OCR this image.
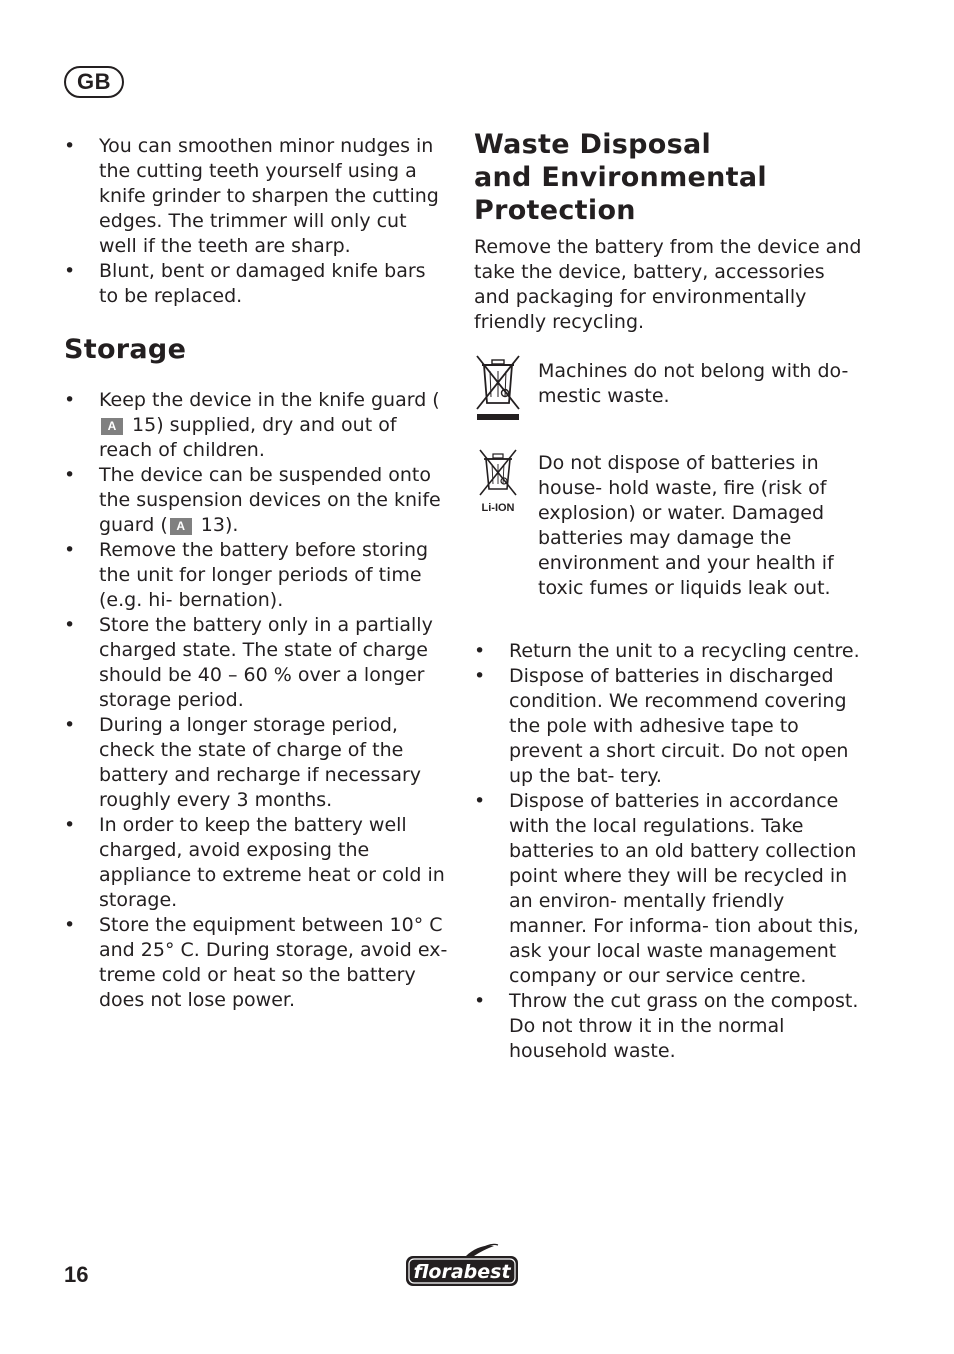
GB
• You can smoothen minor nudges in the cutting teeth yourself using a knife grinder to sharpen the cutting edges. The trimmer will only cut well if the teeth are sharp.
• Blunt, bent or damaged knife bars to be replaced.
Storage
• Keep the device in the knife guard (A 15) supplied, dry and out of reach of children.
• The device can be suspended onto the suspension devices on the knife guard ( A 13).
• Remove the battery before storing the unit for longer periods of time (e.g. hi- bernation).
• Store the battery only in a partially charged state. The state of charge should be 40 – 60 % over a longer storage period.
• During a longer storage period, check the state of charge of the battery and recharge if necessary roughly every 3 months.
• In order to keep the battery well charged, avoid exposing the appliance to extreme heat or cold in storage.
• Store the equipment between 10° C and 25° C. During storage, avoid ex- treme cold or heat so the battery does not lose power.
Waste Disposal
and Environmental
Protection

Remove the battery from the device and take the device, battery, accessories and packaging for environmentally friendly recycling.

Machines do not belong with do- mestic waste.
Li-ION
Do not dispose of batteries in house- hold waste, fire (risk of explosion) or water. Damaged batteries may damage the environment and your health if toxic fumes or liquids leak out.
• Return the unit to a recycling centre.
• Dispose of batteries in discharged condition. We recommend covering the pole with adhesive tape to prevent a short circuit. Do not open up the bat- tery.
• Dispose of batteries in accordance with the local regulations. Take batteries to an old battery collection point where they will be recycled in an environ- mentally friendly manner. For informa- tion about this, ask your local waste management company or our service centre.
• Throw the cut grass on the compost. Do not throw it in the normal household waste.
16	florabest
